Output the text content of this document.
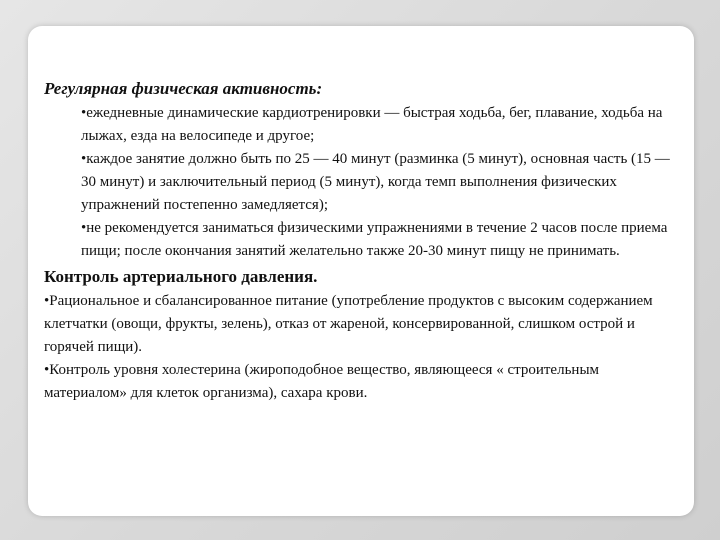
Регулярная физическая активность:

•ежедневные динамические кардиотренировки — быстрая ходьба, бег, плавание, ходьба на лыжах, езда на велосипеде и другое;
•каждое занятие должно быть по 25 — 40 минут (разминка (5 минут), основная часть (15 — 30 минут) и заключительный период (5 минут), когда темп выполнения физических упражнений постепенно замедляется);
•не рекомендуется заниматься физическими упражнениями в течение 2 часов после приема пищи; после окончания занятий желательно также 20-30 минут пищу не принимать.

Контроль артериального давления.

•Рациональное и сбалансированное питание (употребление продуктов с высоким содержанием клетчатки (овощи, фрукты, зелень), отказ от жареной, консервированной, слишком острой и горячей пищи).
•Контроль уровня холестерина (жироподобное вещество, являющееся « строительным материалом» для клеток организма), сахара крови.
